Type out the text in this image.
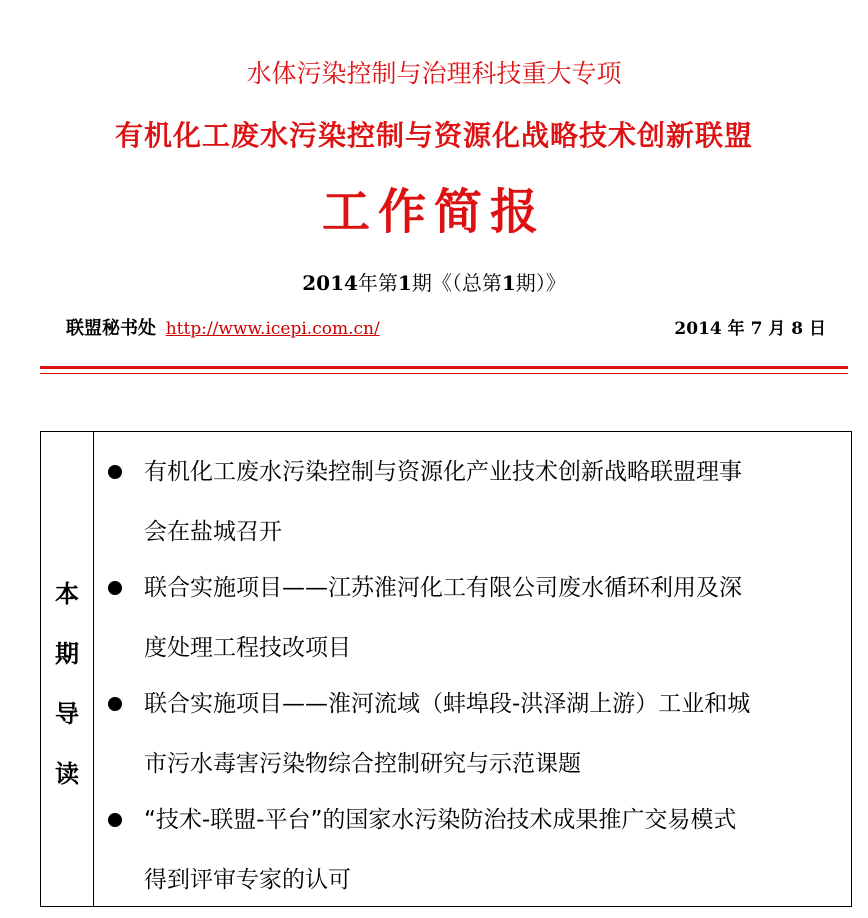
水体污染控制与治理科技重大专项
有机化工废水污染控制与资源化战略技术创新联盟
工作简报
2014年第1期《（总第1期）》
联盟秘书处 http://www.icepi.com.cn/	2014 年 7 月 8 日
本
期
导
读
有机化工废水污染控制与资源化产业技术创新战略联盟理事
会在盐城召开
联合实施项目——江苏淮河化工有限公司废水循环利用及深
度处理工程技改项目
联合实施项目——淮河流域（蚌埠段-洪泽湖上游）工业和城
市污水毒害污染物综合控制研究与示范课题
“技术-联盟-平台”的国家水污染防治技术成果推广交易模式
得到评审专家的认可
